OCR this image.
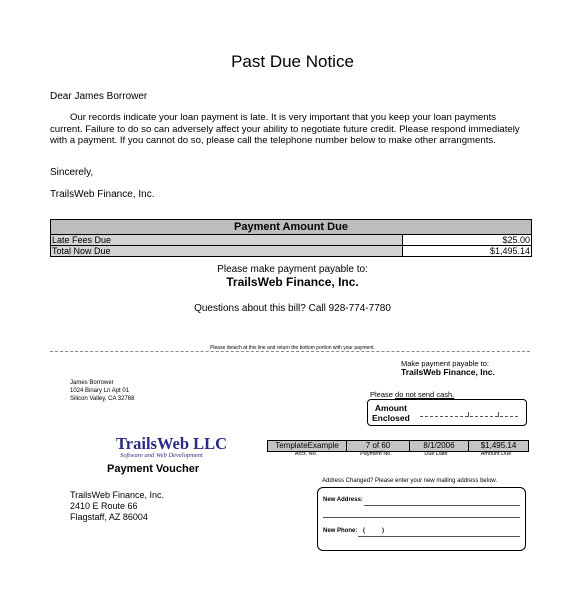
Past Due Notice
Dear James Borrower
Our records indicate your loan payment is late. It is very important that you keep your loan payments current. Failure to do so can adversely affect your ability to negotiate future credit. Please respond immediately with a payment. If you cannot do so, please call the telephone number below to make other arrangments.
Sincerely,
TrailsWeb Finance, Inc.
Payment Amount Due
Late Fees Due	$25.00
Total Now Due	$1,495.14
Please make payment payable to:
TrailsWeb Finance, Inc.
Questions about this bill? Call 928-774-7780
Please detach at this line and return the bottom portion with your payment.
Make payment payable to:
TrailsWeb Finance, Inc.
James Borrower
1024 Binary Ln Apt 01
Silicon Valley, CA 32768	Please do not send cash.
Amount
Enclosed
TrailsWeb LLC
Software and Web Development
Payment Voucher
TemplateExample	7 of 60	8/1/2006	$1,495.14
Acct. No.	Payment No.	Due Date	Amount Due
TrailsWeb Finance, Inc.
2410 E Route 66
Flagstaff, AZ 86004
Address Changed? Please enter your new mailing address below.
New Address:
New Phone: (	)
